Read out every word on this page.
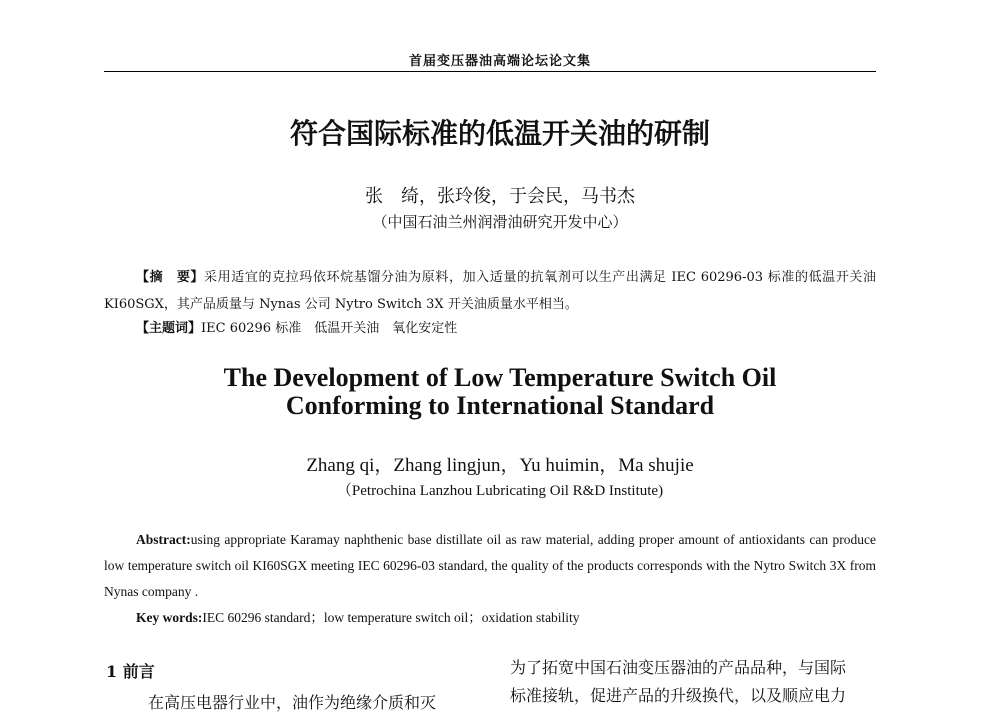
首届变压器油高端论坛论文集
符合国际标准的低温开关油的研制
张　绮，张玲俊，于会民，马书杰
（中国石油兰州润滑油研究开发中心）
【摘　要】采用适宜的克拉玛依环烷基馏分油为原料，加入适量的抗氧剂可以生产出满足 IEC 60296-03 标准的低温开关油 KI60SGX，其产品质量与 Nynas 公司 Nytro Switch 3X 开关油质量水平相当。
【主题词】IEC 60296 标准　低温开关油　氧化安定性
The Development of Low Temperature Switch Oil
Conforming to International Standard
Zhang qi，Zhang lingjun，Yu huimin，Ma shujie
（Petrochina Lanzhou Lubricating Oil R&D Institute)
Abstract:using appropriate Karamay naphthenic base distillate oil as raw material, adding proper amount of antioxidants can produce low temperature switch oil KI60SGX meeting IEC 60296-03 standard, the quality of the products corresponds with the Nytro Switch 3X from Nynas company .
Key words:IEC 60296 standard；low temperature switch oil；oxidation stability
1 前言
在高压电器行业中，油作为绝缘介质和灭
为了拓宽中国石油变压器油的产品品种，与国际
标准接轨，促进产品的升级换代，以及顺应电力
